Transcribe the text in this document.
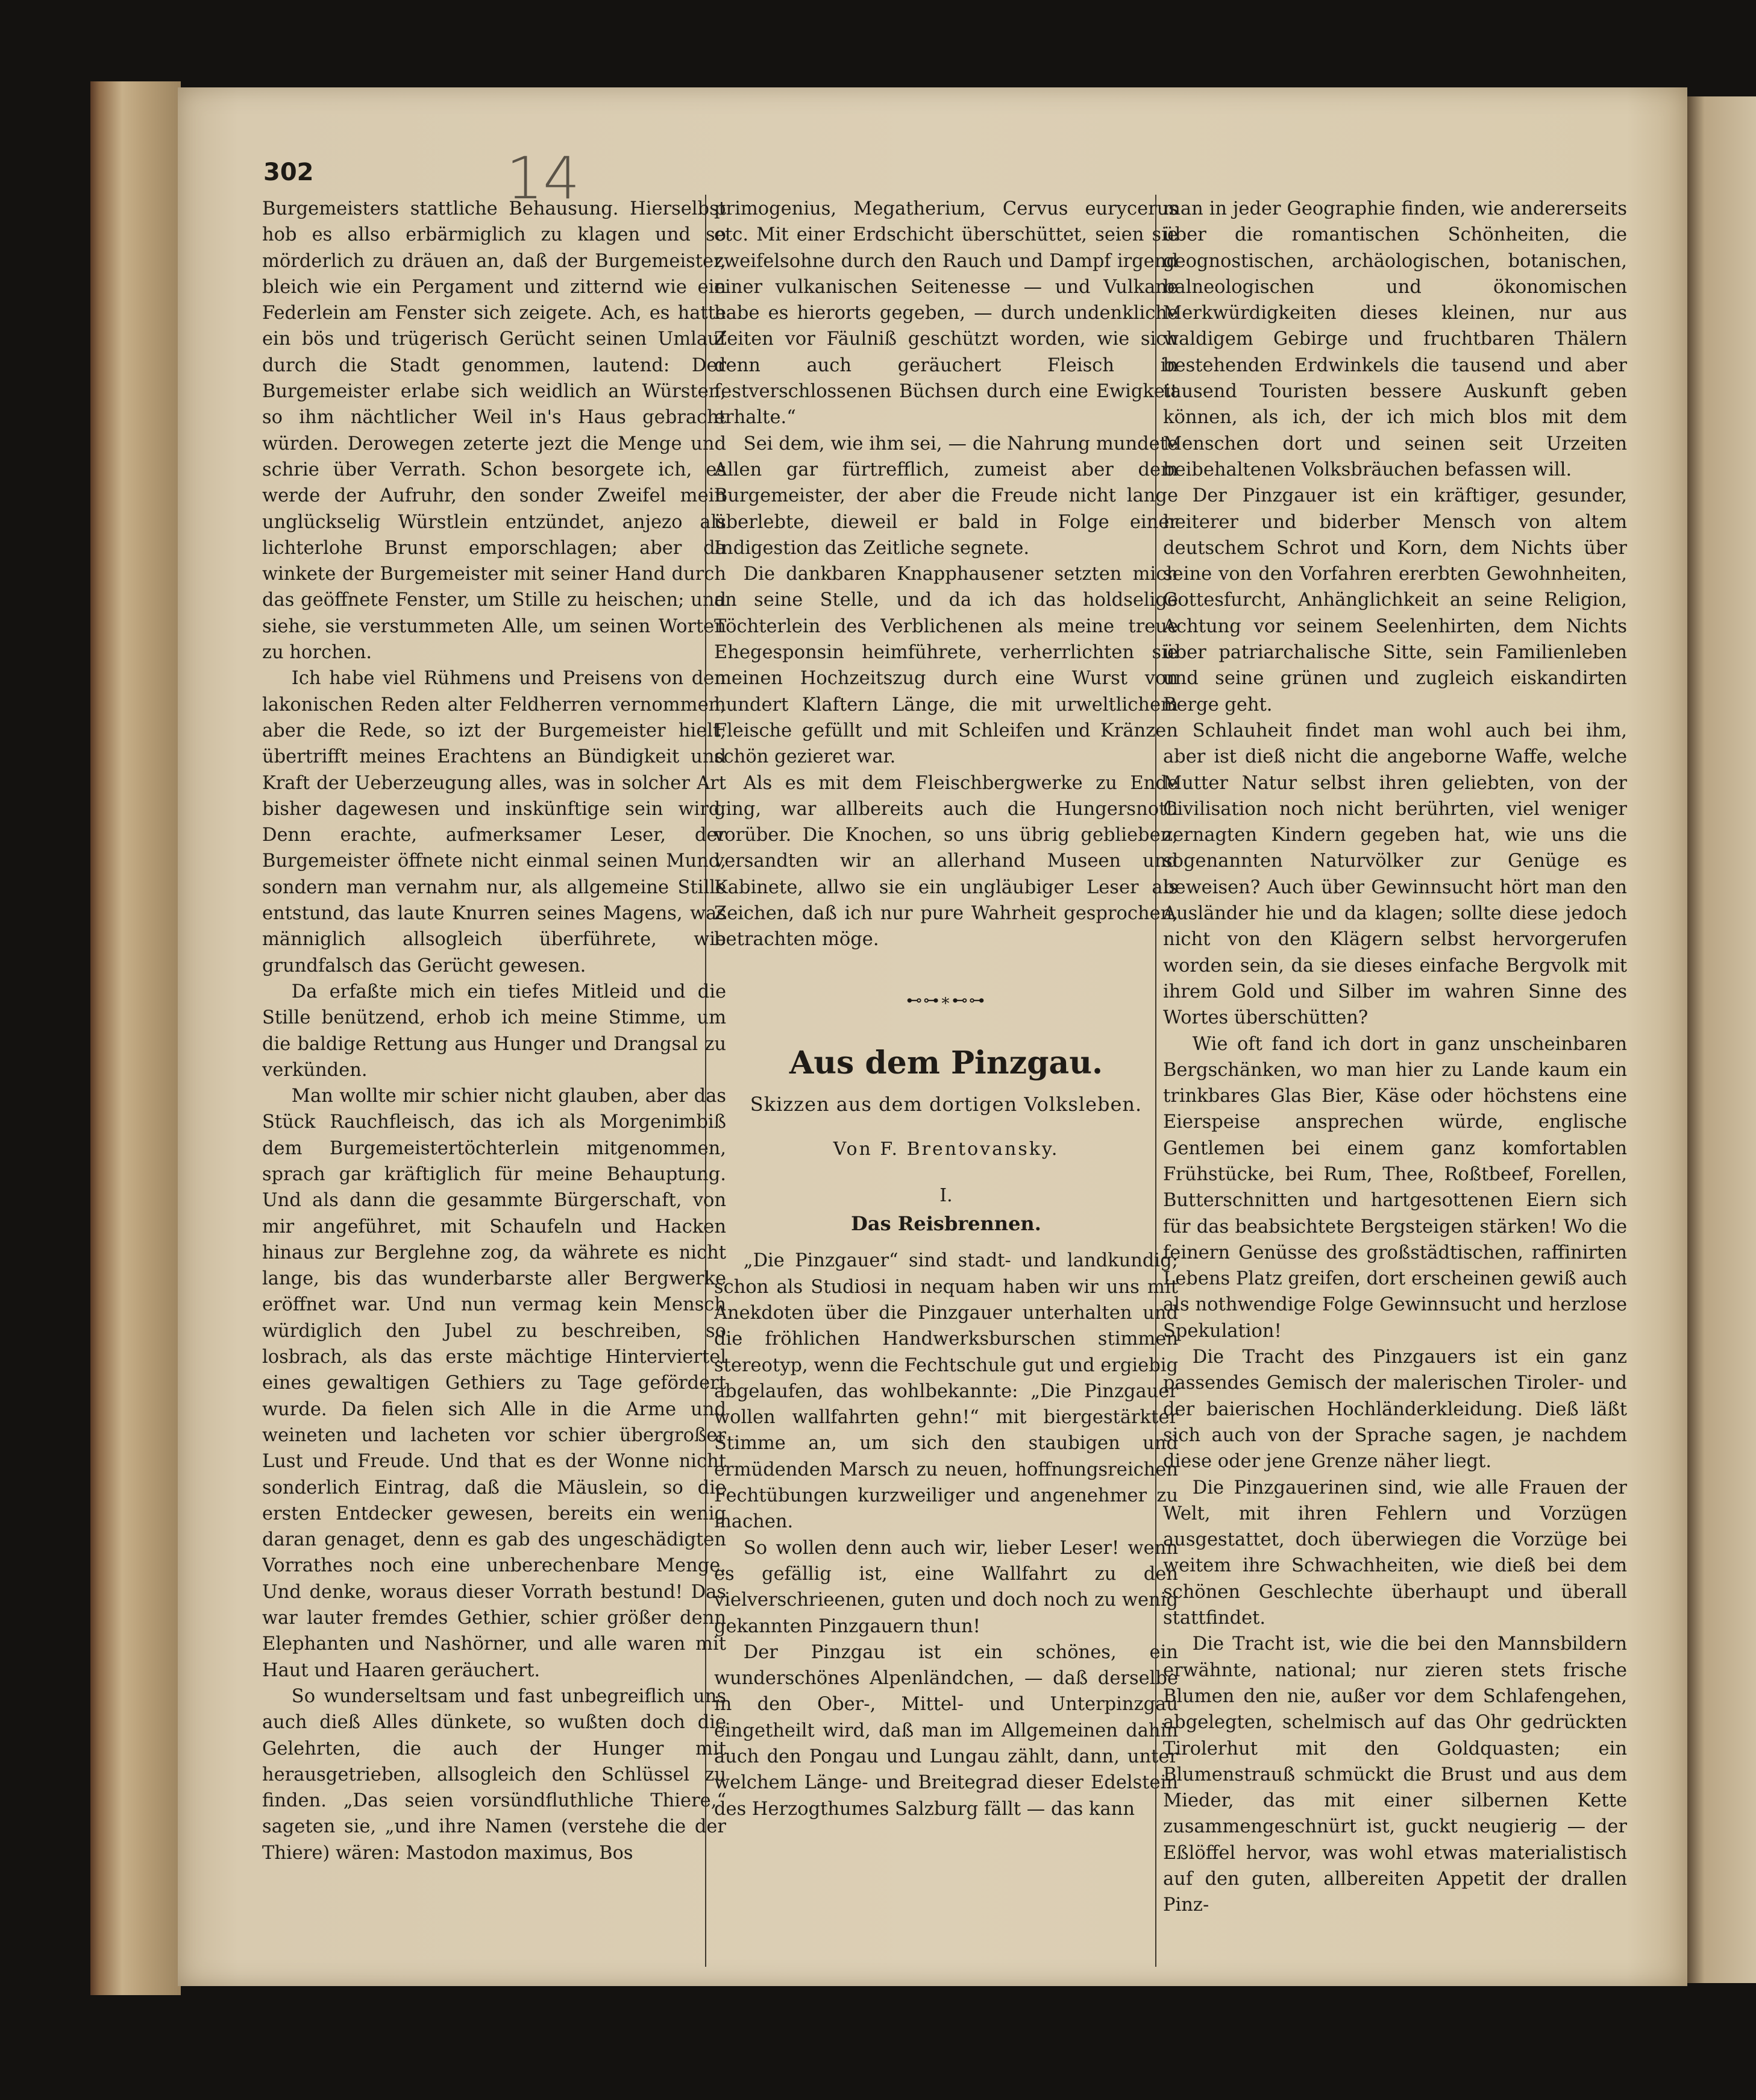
302	14

Burgemeisters stattliche Behausung. Hierselbst hob es allso erbärmiglich zu klagen und so mörderlich zu dräuen an, daß der Burgemeister, bleich wie ein Pergament und zitternd wie ein Federlein am Fenster sich zeigete. Ach, es hatte ein bös und trügerisch Gerücht seinen Umlauf durch die Stadt genommen, lautend: Der Burgemeister erlabe sich weidlich an Würsten, so ihm nächtlicher Weil in's Haus gebracht würden. Derowegen zeterte jezt die Menge und schrie über Verrath. Schon besorgete ich, es werde der Aufruhr, den sonder Zweifel mein unglückselig Würstlein entzündet, anjezo als lichterlohe Brunst emporschlagen; aber da winkete der Burgemeister mit seiner Hand durch das geöffnete Fenster, um Stille zu heischen; und siehe, sie verstummeten Alle, um seinen Worten zu horchen.

Ich habe viel Rühmens und Preisens von den lakonischen Reden alter Feldherren vernommen, aber die Rede, so izt der Burgemeister hielt, übertrifft meines Erachtens an Bündigkeit und Kraft der Ueberzeugung alles, was in solcher Art bisher dagewesen und inskünftige sein wird. Denn erachte, aufmerksamer Leser, der Burgemeister öffnete nicht einmal seinen Mund, sondern man vernahm nur, als allgemeine Stille entstund, das laute Knurren seines Magens, was männiglich allsogleich überführete, wie grundfalsch das Gerücht gewesen.

Da erfaßte mich ein tiefes Mitleid und die Stille benützend, erhob ich meine Stimme, um die baldige Rettung aus Hunger und Drangsal zu verkünden.

Man wollte mir schier nicht glauben, aber das Stück Rauchfleisch, das ich als Morgenimbiß dem Burgemeistertöchterlein mitgenommen, sprach gar kräftiglich für meine Behauptung. Und als dann die gesammte Bürgerschaft, von mir angeführet, mit Schaufeln und Hacken hinaus zur Berglehne zog, da währete es nicht lange, bis das wunderbarste aller Bergwerke eröffnet war. Und nun vermag kein Mensch würdiglich den Jubel zu beschreiben, so losbrach, als das erste mächtige Hinterviertel eines gewaltigen Gethiers zu Tage gefördert wurde. Da fielen sich Alle in die Arme und weineten und lacheten vor schier übergroßer Lust und Freude. Und that es der Wonne nicht sonderlich Eintrag, daß die Mäuslein, so die ersten Entdecker gewesen, bereits ein wenig daran genaget, denn es gab des ungeschädigten Vorrathes noch eine unberechenbare Menge. Und denke, woraus dieser Vorrath bestund! Das war lauter fremdes Gethier, schier größer denn Elephanten und Nashörner, und alle waren mit Haut und Haaren geräuchert.

So wunderseltsam und fast unbegreiflich uns auch dieß Alles dünkete, so wußten doch die Gelehrten, die auch der Hunger mit herausgetrieben, allsogleich den Schlüssel zu finden. „Das seien vorsündfluthliche Thiere,“ sageten sie, „und ihre Namen (verstehe die der Thiere) wären: Mastodon maximus, Bos

primogenius, Megatherium, Cervus eurycerus etc. Mit einer Erdschicht überschüttet, seien sie zweifelsohne durch den Rauch und Dampf irgend einer vulkanischen Seitenesse — und Vulkane habe es hierorts gegeben, — durch undenkliche Zeiten vor Fäulniß geschützt worden, wie sich denn auch geräuchert Fleisch in festverschlossenen Büchsen durch eine Ewigkeit erhalte.“

Sei dem, wie ihm sei, — die Nahrung mundete Allen gar fürtrefflich, zumeist aber dem Burgemeister, der aber die Freude nicht lange überlebte, dieweil er bald in Folge einer Indigestion das Zeitliche segnete.

Die dankbaren Knapphausener setzten mich an seine Stelle, und da ich das holdselige Töchterlein des Verblichenen als meine treue Ehegesponsin heimführete, verherrlichten sie meinen Hochzeitszug durch eine Wurst von hundert Klaftern Länge, die mit urweltlichem Fleische gefüllt und mit Schleifen und Kränzen schön gezieret war.

Als es mit dem Fleischbergwerke zu Ende ging, war allbereits auch die Hungersnoth vorüber. Die Knochen, so uns übrig geblieben, versandten wir an allerhand Museen und Kabinete, allwo sie ein ungläubiger Leser als Zeichen, daß ich nur pure Wahrheit gesprochen, betrachten möge.

⊷⊶∗⊷⊶
Aus dem Pinzgau.
Skizzen aus dem dortigen Volksleben.
Von F. Brentovansky.
I.
Das Reisbrennen.

„Die Pinzgauer“ sind stadt- und landkundig; schon als Studiosi in nequam haben wir uns mit Anekdoten über die Pinzgauer unterhalten und die fröhlichen Handwerksburschen stimmen stereotyp, wenn die Fechtschule gut und ergiebig abgelaufen, das wohlbekannte: „Die Pinzgauer wollen wallfahrten gehn!“ mit biergestärkter Stimme an, um sich den staubigen und ermüdenden Marsch zu neuen, hoffnungsreichen Fechtübungen kurzweiliger und angenehmer zu machen.

So wollen denn auch wir, lieber Leser! wenn es gefällig ist, eine Wallfahrt zu den vielverschrieenen, guten und doch noch zu wenig gekannten Pinzgauern thun!

Der Pinzgau ist ein schönes, ein wunderschönes Alpenländchen, — daß derselbe in den Ober-, Mittel- und Unterpinzgau eingetheilt wird, daß man im Allgemeinen dahin auch den Pongau und Lungau zählt, dann, unter welchem Länge- und Breitegrad dieser Edelstein des Herzogthumes Salzburg fällt — das kann

man in jeder Geographie finden, wie andererseits über die romantischen Schönheiten, die geognostischen, archäologischen, botanischen, balneologischen und ökonomischen Merkwürdigkeiten dieses kleinen, nur aus waldigem Gebirge und fruchtbaren Thälern bestehenden Erdwinkels die tausend und aber tausend Touristen bessere Auskunft geben können, als ich, der ich mich blos mit dem Menschen dort und seinen seit Urzeiten beibehaltenen Volksbräuchen befassen will.

Der Pinzgauer ist ein kräftiger, gesunder, heiterer und biderber Mensch von altem deutschem Schrot und Korn, dem Nichts über seine von den Vorfahren ererbten Gewohnheiten, Gottesfurcht, Anhänglichkeit an seine Religion, Achtung vor seinem Seelenhirten, dem Nichts über patriarchalische Sitte, sein Familienleben und seine grünen und zugleich eiskandirten Berge geht.

Schlauheit findet man wohl auch bei ihm, aber ist dieß nicht die angeborne Waffe, welche Mutter Natur selbst ihren geliebten, von der Civilisation noch nicht berührten, viel weniger zernagten Kindern gegeben hat, wie uns die sogenannten Naturvölker zur Genüge es beweisen? Auch über Gewinnsucht hört man den Ausländer hie und da klagen; sollte diese jedoch nicht von den Klägern selbst hervorgerufen worden sein, da sie dieses einfache Bergvolk mit ihrem Gold und Silber im wahren Sinne des Wortes überschütten?

Wie oft fand ich dort in ganz unscheinbaren Bergschänken, wo man hier zu Lande kaum ein trinkbares Glas Bier, Käse oder höchstens eine Eierspeise ansprechen würde, englische Gentlemen bei einem ganz komfortablen Frühstücke, bei Rum, Thee, Roßtbeef, Forellen, Butterschnitten und hartgesottenen Eiern sich für das beabsichtete Bergsteigen stärken! Wo die feinern Genüsse des großstädtischen, raffinirten Lebens Platz greifen, dort erscheinen gewiß auch als nothwendige Folge Gewinnsucht und herzlose Spekulation!

Die Tracht des Pinzgauers ist ein ganz passendes Gemisch der malerischen Tiroler- und der baierischen Hochländerkleidung. Dieß läßt sich auch von der Sprache sagen, je nachdem diese oder jene Grenze näher liegt.

Die Pinzgauerinen sind, wie alle Frauen der Welt, mit ihren Fehlern und Vorzügen ausgestattet, doch überwiegen die Vorzüge bei weitem ihre Schwachheiten, wie dieß bei dem schönen Geschlechte überhaupt und überall stattfindet.

Die Tracht ist, wie die bei den Mannsbildern erwähnte, national; nur zieren stets frische Blumen den nie, außer vor dem Schlafengehen, abgelegten, schelmisch auf das Ohr gedrückten Tirolerhut mit den Goldquasten; ein Blumenstrauß schmückt die Brust und aus dem Mieder, das mit einer silbernen Kette zusammengeschnürt ist, guckt neugierig — der Eßlöffel hervor, was wohl etwas materialistisch auf den guten, allbereiten Appetit der drallen Pinz-
